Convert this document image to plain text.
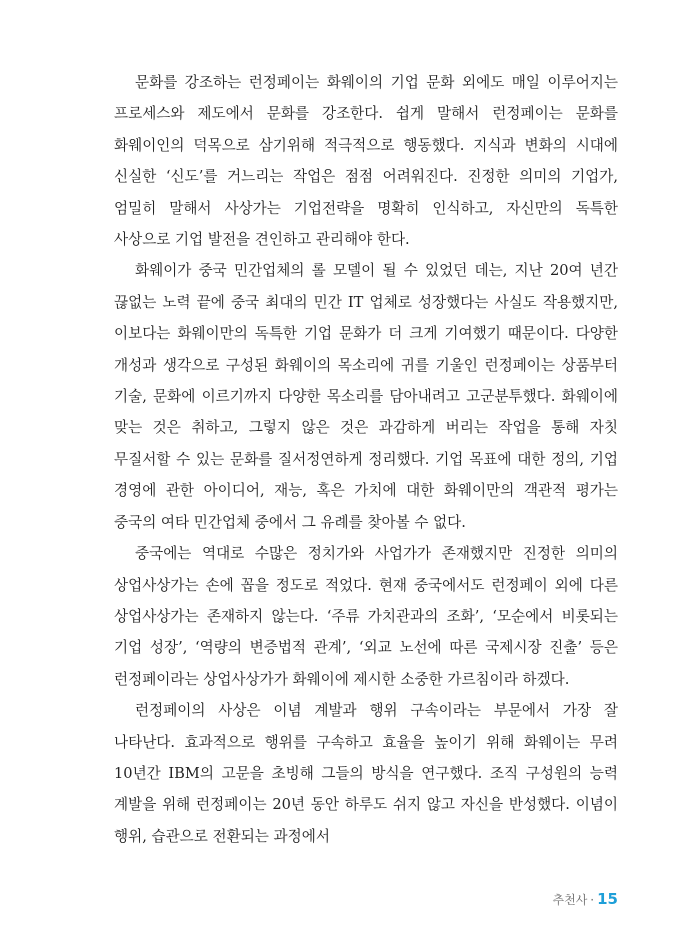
문화를 강조하는 런정페이는 화웨이의 기업 문화 외에도 매일 이루어지는 프로세스와 제도에서 문화를 강조한다. 쉽게 말해서 런정페이는 문화를 화웨이인의 덕목으로 삼기위해 적극적으로 행동했다. 지식과 변화의 시대에 신실한 ‘신도’를 거느리는 작업은 점점 어려워진다. 진정한 의미의 기업가, 엄밀히 말해서 사상가는 기업전략을 명확히 인식하고, 자신만의 독특한 사상으로 기업 발전을 견인하고 관리해야 한다.

화웨이가 중국 민간업체의 롤 모델이 될 수 있었던 데는, 지난 20여 년간 끊없는 노력 끝에 중국 최대의 민간 IT 업체로 성장했다는 사실도 작용했지만, 이보다는 화웨이만의 독특한 기업 문화가 더 크게 기여했기 때문이다. 다양한 개성과 생각으로 구성된 화웨이의 목소리에 귀를 기울인 런정페이는 상품부터 기술, 문화에 이르기까지 다양한 목소리를 담아내려고 고군분투했다. 화웨이에 맞는 것은 취하고, 그렇지 않은 것은 과감하게 버리는 작업을 통해 자칫 무질서할 수 있는 문화를 질서정연하게 정리했다. 기업 목표에 대한 정의, 기업 경영에 관한 아이디어, 재능, 혹은 가치에 대한 화웨이만의 객관적 평가는 중국의 여타 민간업체 중에서 그 유례를 찾아볼 수 없다.

중국에는 역대로 수많은 정치가와 사업가가 존재했지만 진정한 의미의 상업사상가는 손에 꼽을 정도로 적었다. 현재 중국에서도 런정페이 외에 다른 상업사상가는 존재하지 않는다. ‘주류 가치관과의 조화’, ‘모순에서 비롯되는 기업 성장’, ‘역량의 변증법적 관계’, ‘외교 노선에 따른 국제시장 진출’ 등은 런정페이라는 상업사상가가 화웨이에 제시한 소중한 가르침이라 하겠다.

런정페이의 사상은 이념 계발과 행위 구속이라는 부문에서 가장 잘 나타난다. 효과적으로 행위를 구속하고 효율을 높이기 위해 화웨이는 무려 10년간 IBM의 고문을 초빙해 그들의 방식을 연구했다. 조직 구성원의 능력 계발을 위해 런정페이는 20년 동안 하루도 쉬지 않고 자신을 반성했다. 이념이 행위, 습관으로 전환되는 과정에서

추천사 · 15
